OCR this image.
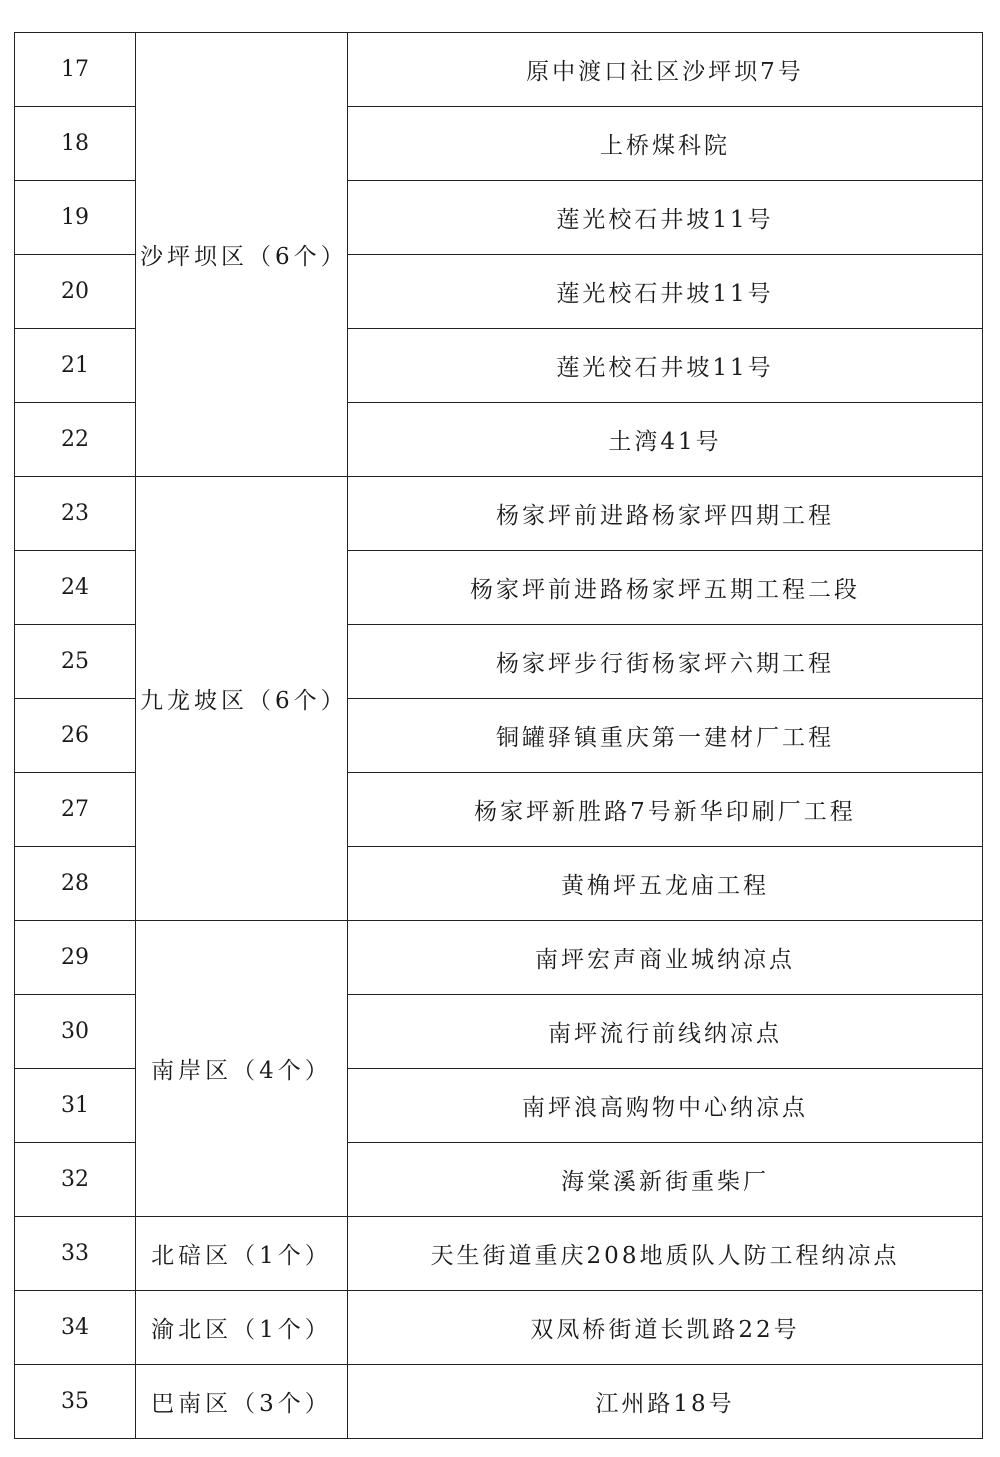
17	沙坪坝区（6个）	原中渡口社区沙坪坝7号
18		上桥煤科院
19		莲光校石井坡11号
20		莲光校石井坡11号
21		莲光校石井坡11号
22		土湾41号
23	九龙坡区（6个）	杨家坪前进路杨家坪四期工程
24		杨家坪前进路杨家坪五期工程二段
25		杨家坪步行街杨家坪六期工程
26		铜罐驿镇重庆第一建材厂工程
27		杨家坪新胜路7号新华印刷厂工程
28		黄桷坪五龙庙工程
29	南岸区（4个）	南坪宏声商业城纳凉点
30		南坪流行前线纳凉点
31		南坪浪高购物中心纳凉点
32		海棠溪新街重柴厂
33	北碚区（1个）	天生街道重庆208地质队人防工程纳凉点
34	渝北区（1个）	双凤桥街道长凯路22号
35	巴南区（3个）	江州路18号
